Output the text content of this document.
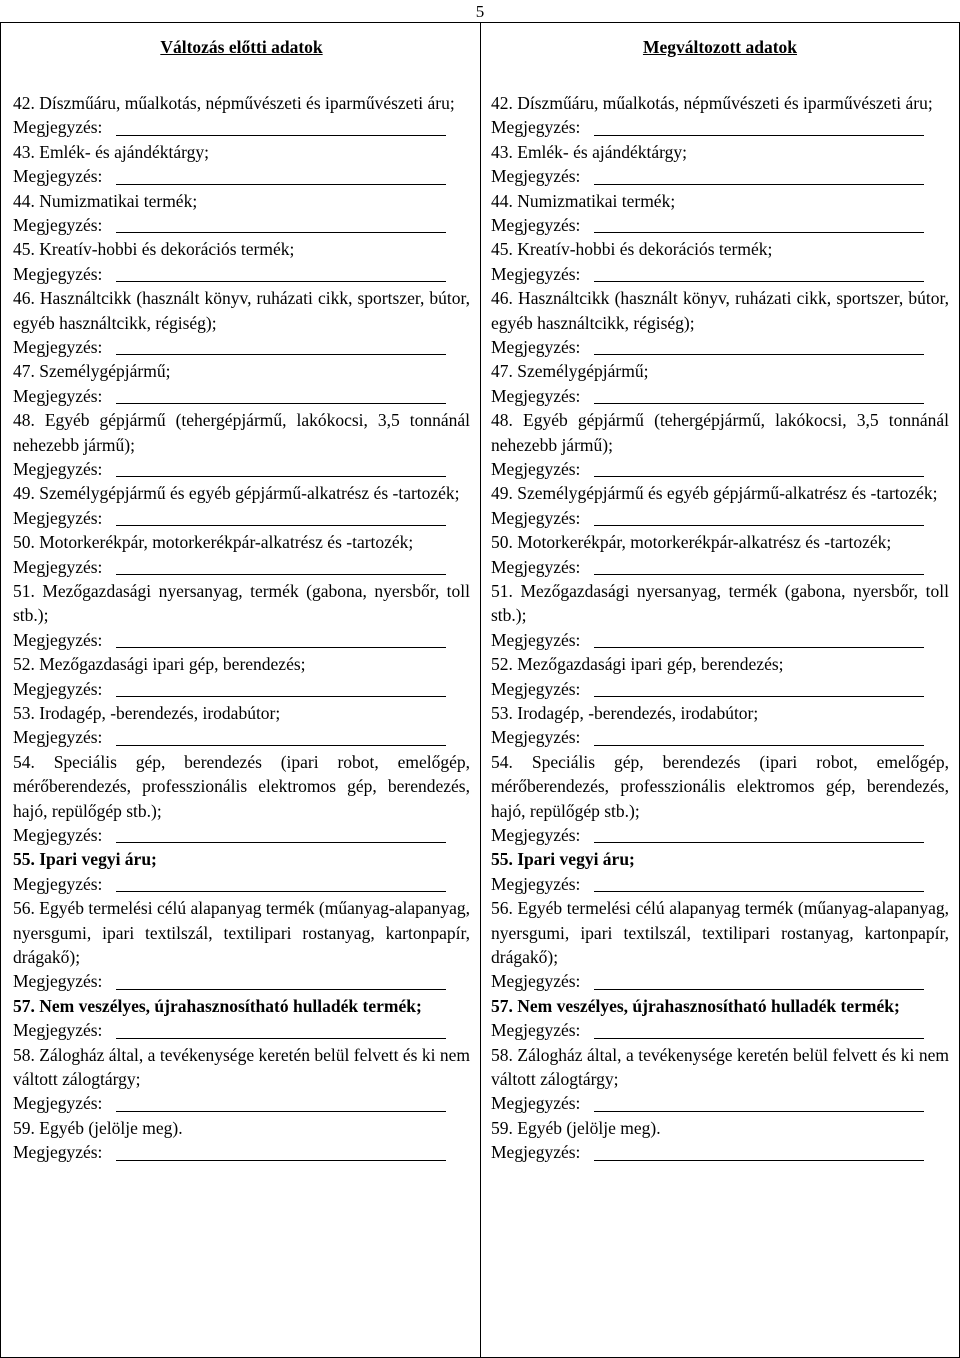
5
Változás előtti adatok
42. Díszműáru, műalkotás, népművészeti és iparművészeti áru;
Megjegyzés:
43. Emlék- és ajándéktárgy;
Megjegyzés:
44. Numizmatikai termék;
Megjegyzés:
45. Kreatív-hobbi és dekorációs termék;
Megjegyzés:
46. Használtcikk (használt könyv, ruházati cikk, sportszer, bútor, egyéb használtcikk, régiség);
Megjegyzés:
47. Személygépjármű;
Megjegyzés:
48. Egyéb gépjármű (tehergépjármű, lakókocsi, 3,5 tonnánál nehezebb jármű);
Megjegyzés:
49. Személygépjármű és egyéb gépjármű-alkatrész és -tartozék;
Megjegyzés:
50. Motorkerékpár, motorkerékpár-alkatrész és -tartozék;
Megjegyzés:
51. Mezőgazdasági nyersanyag, termék (gabona, nyersbőr, toll stb.);
Megjegyzés:
52. Mezőgazdasági ipari gép, berendezés;
Megjegyzés:
53. Irodagép, -berendezés, irodabútor;
Megjegyzés:
54. Speciális gép, berendezés (ipari robot, emelőgép, mérőberendezés, professzionális elektromos gép, berendezés, hajó, repülőgép stb.);
Megjegyzés:
55. Ipari vegyi áru;
Megjegyzés:
56. Egyéb termelési célú alapanyag termék (műanyag-alapanyag, nyersgumi, ipari textilszál, textilipari rostanyag, kartonpapír, drágakő);
Megjegyzés:
57. Nem veszélyes, újrahasznosítható hulladék termék;
Megjegyzés:
58. Zálogház által, a tevékenysége keretén belül felvett és ki nem váltott zálogtárgy;
Megjegyzés:
59. Egyéb (jelölje meg).
Megjegyzés:
Megváltozott adatok
42. Díszműáru, műalkotás, népművészeti és iparművészeti áru;
Megjegyzés:
43. Emlék- és ajándéktárgy;
Megjegyzés:
44. Numizmatikai termék;
Megjegyzés:
45. Kreatív-hobbi és dekorációs termék;
Megjegyzés:
46. Használtcikk (használt könyv, ruházati cikk, sportszer, bútor, egyéb használtcikk, régiség);
Megjegyzés:
47. Személygépjármű;
Megjegyzés:
48. Egyéb gépjármű (tehergépjármű, lakókocsi, 3,5 tonnánál nehezebb jármű);
Megjegyzés:
49. Személygépjármű és egyéb gépjármű-alkatrész és -tartozék;
Megjegyzés:
50. Motorkerékpár, motorkerékpár-alkatrész és -tartozék;
Megjegyzés:
51. Mezőgazdasági nyersanyag, termék (gabona, nyersbőr, toll stb.);
Megjegyzés:
52. Mezőgazdasági ipari gép, berendezés;
Megjegyzés:
53. Irodagép, -berendezés, irodabútor;
Megjegyzés:
54. Speciális gép, berendezés (ipari robot, emelőgép, mérőberendezés, professzionális elektromos gép, berendezés, hajó, repülőgép stb.);
Megjegyzés:
55. Ipari vegyi áru;
Megjegyzés:
56. Egyéb termelési célú alapanyag termék (műanyag-alapanyag, nyersgumi, ipari textilszál, textilipari rostanyag, kartonpapír, drágakő);
Megjegyzés:
57. Nem veszélyes, újrahasznosítható hulladék termék;
Megjegyzés:
58. Zálogház által, a tevékenysége keretén belül felvett és ki nem váltott zálogtárgy;
Megjegyzés:
59. Egyéb (jelölje meg).
Megjegyzés:
